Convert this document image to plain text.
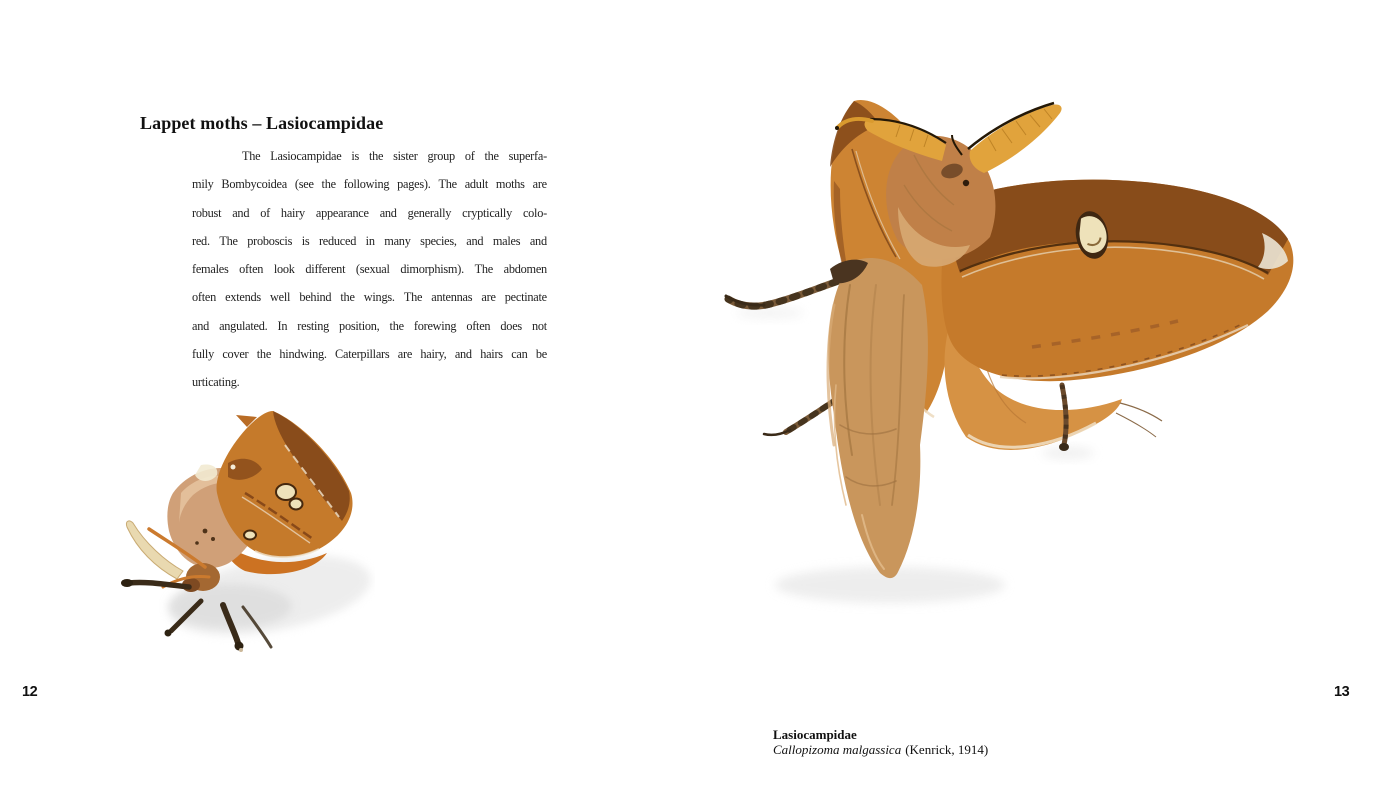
Lappet moths – Lasiocampidae
The Lasiocampidae is the sister group of the superfa-
mily Bombycoidea (see the following pages). The adult moths are
robust and of hairy appearance and generally cryptically colo-
red. The proboscis is reduced in many species, and males and
females often look different (sexual dimorphism). The abdomen
often extends well behind the wings. The antennas are pectinate
and angulated. In resting position, the forewing often does not
fully cover the hindwing. Caterpillars are hairy, and hairs can be
urticating.
12
Lasiocampidae
Callopizoma malgassica (Kenrick, 1914)
13
